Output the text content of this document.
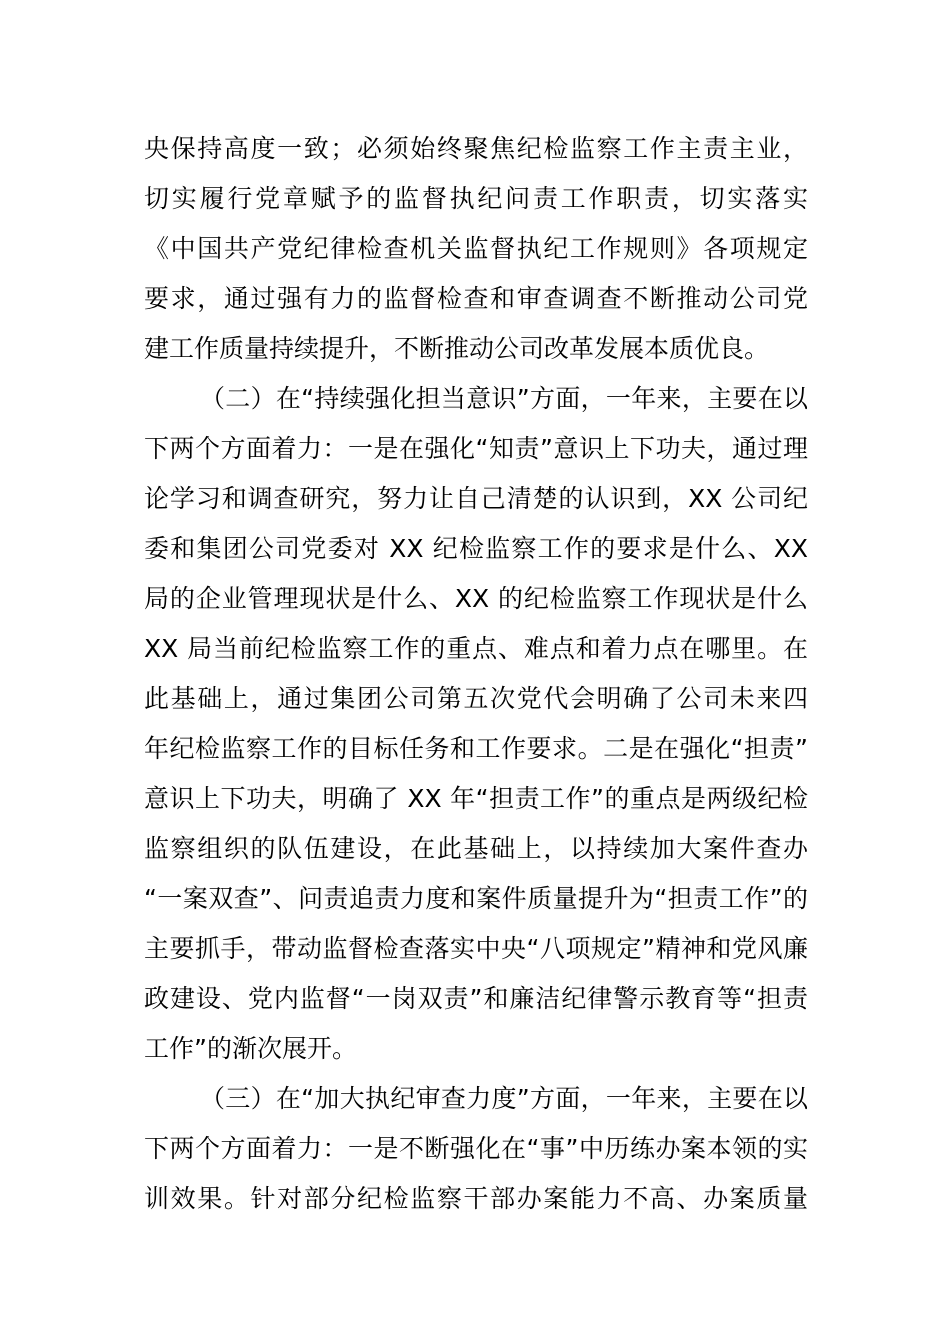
央保持高度一致；必须始终聚焦纪检监察工作主责主业，
切实履行党章赋予的监督执纪问责工作职责，切实落实
《中国共产党纪律检查机关监督执纪工作规则》各项规定
要求，通过强有力的监督检查和审查调查不断推动公司党
建工作质量持续提升，不断推动公司改革发展本质优良。
（二）在“持续强化担当意识”方面，一年来，主要在以
下两个方面着力：一是在强化“知责”意识上下功夫，通过理
论学习和调查研究，努力让自己清楚的认识到，XX 公司纪
委和集团公司党委对 XX 纪检监察工作的要求是什么、XX
局的企业管理现状是什么、XX 的纪检监察工作现状是什么
XX 局当前纪检监察工作的重点、难点和着力点在哪里。在
此基础上，通过集团公司第五次党代会明确了公司未来四
年纪检监察工作的目标任务和工作要求。二是在强化“担责”
意识上下功夫，明确了 XX 年“担责工作”的重点是两级纪检
监察组织的队伍建设，在此基础上，以持续加大案件查办
“一案双查”、问责追责力度和案件质量提升为“担责工作”的
主要抓手，带动监督检查落实中央“八项规定”精神和党风廉
政建设、党内监督“一岗双责”和廉洁纪律警示教育等“担责
工作”的渐次展开。
（三）在“加大执纪审查力度”方面，一年来，主要在以
下两个方面着力：一是不断强化在“事”中历练办案本领的实
训效果。针对部分纪检监察干部办案能力不高、办案质量
